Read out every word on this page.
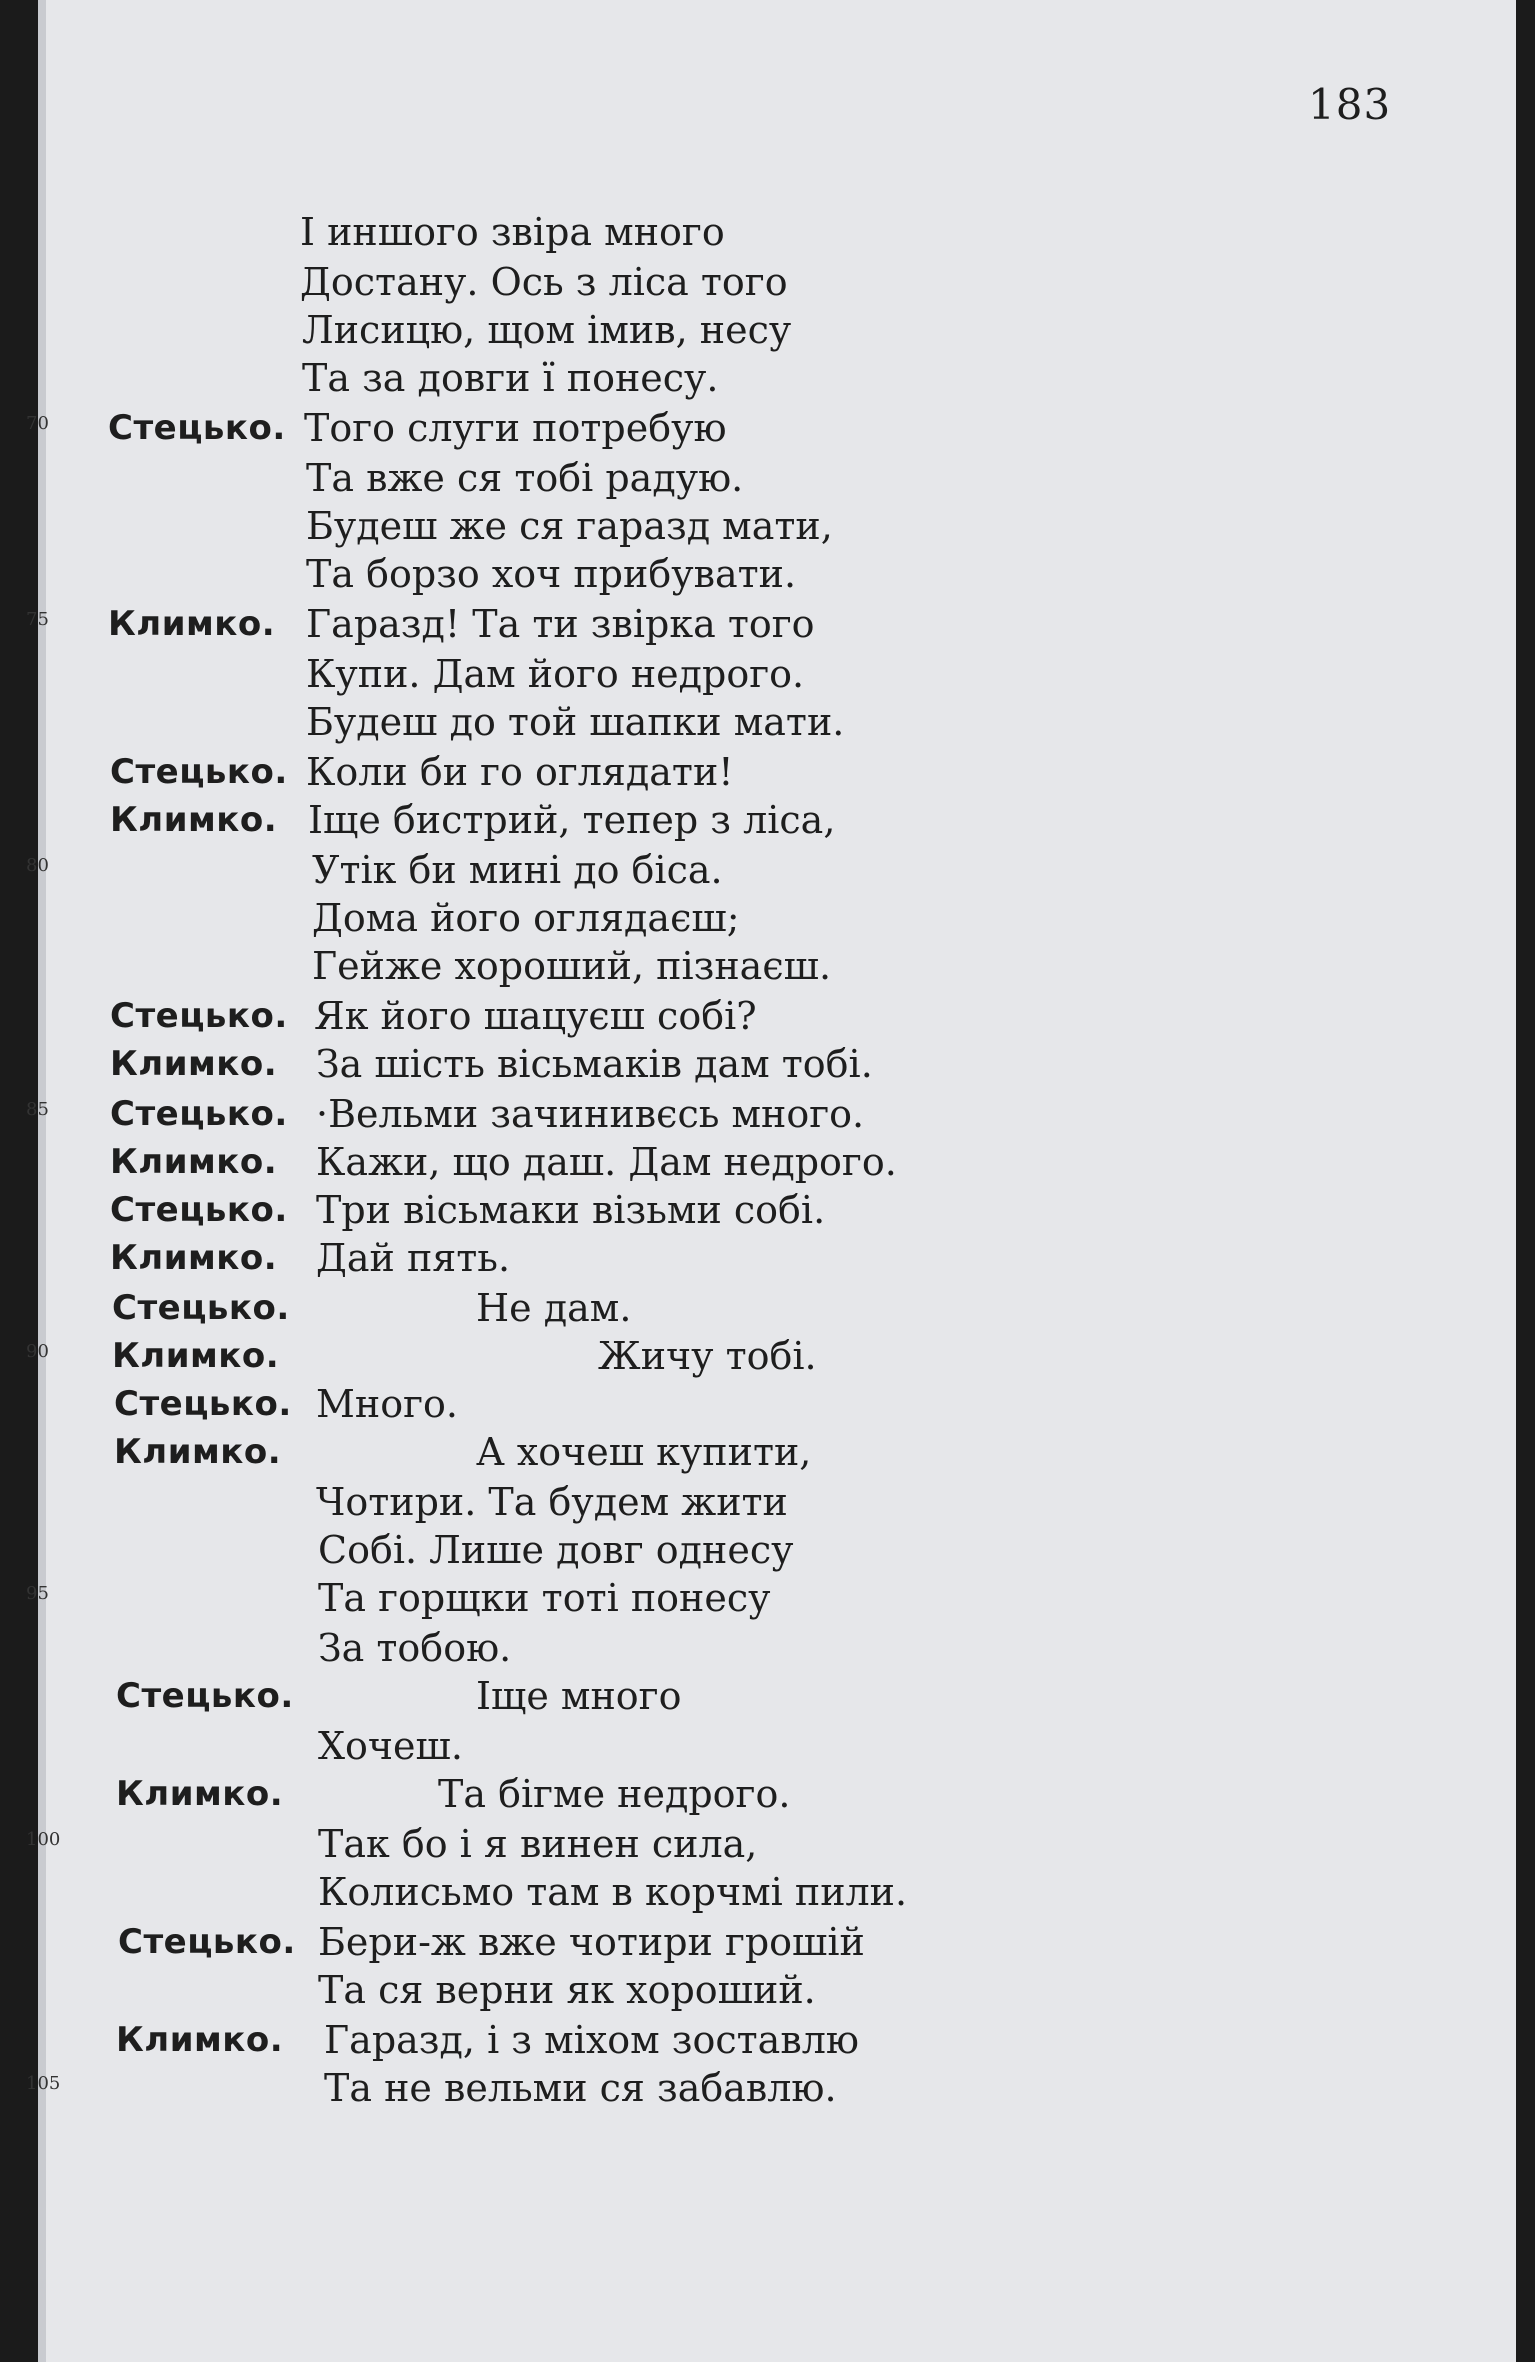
183
І иншого звіра много
Достану. Ось з ліса того
Лисицю, щом імив, несу
Та за довги ї понесу.
70 Стецько. Того слуги потребую
Та вже ся тобі радую.
Будеш же ся гаразд мати,
Та борзо хоч прибувати.
75 Климко. Гаразд! Та ти звірка того
Купи. Дам його недрого.
Будеш до той шапки мати.
Стецько. Коли би го оглядати!
Климко. Іще бистрий, тепер з ліса,
80	Утік би мині до біса.
Дома його оглядаєш;
Гейже хороший, пізнаєш.
Стецько. Як його шацуєш собі?
Климко. За шість вісьмаків дам тобі.
85 Стецько. ·Вельми зачинивєсь много.
Климко. Кажи, що даш. Дам недрого.
Стецько. Три вісьмаки візьми собі.
Климко. Дай пять.
Стецько.	Не дам.
90 Климко.	Жичу тобі.
Стецько. Много.
Климко.	А хочеш купити,
Чотири. Та будем жити
Собі. Лише довг однесу
95	Та горщки тоті понесу
За тобою.
Стецько.	Іще много
Хочеш.
Климко.	Та бігме недрого.
100	Так бо і я винен сила,
Колисьмо там в корчмі пили.
Стецько. Бери-ж вже чотири грошій
Та ся верни як хороший.
Климко. Гаразд, і з міхом зоставлю
105	Та не вельми ся забавлю.
